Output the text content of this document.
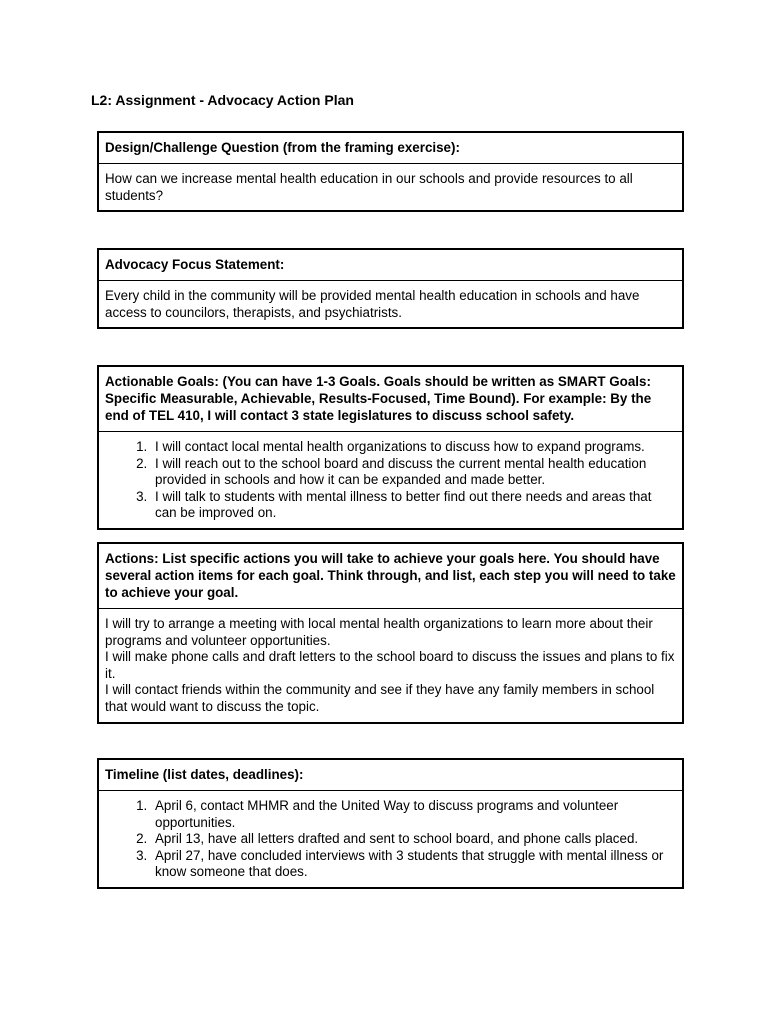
L2: Assignment - Advocacy Action Plan
Design/Challenge Question (from the framing exercise):

How can we increase mental health education in our schools and provide resources to all students?

Advocacy Focus Statement:

Every child in the community will be provided mental health education in schools and have access to councilors, therapists, and psychiatrists.

Actionable Goals: (You can have 1-3 Goals. Goals should be written as SMART Goals: Specific Measurable, Achievable, Results-Focused, Time Bound). For example: By the end of TEL 410, I will contact 3 state legislatures to discuss school safety.
1. I will contact local mental health organizations to discuss how to expand programs.
2. I will reach out to the school board and discuss the current mental health education provided in schools and how it can be expanded and made better.
3. I will talk to students with mental illness to better find out there needs and areas that can be improved on.
Actions: List specific actions you will take to achieve your goals here. You should have several action items for each goal. Think through, and list, each step you will need to take to achieve your goal.

I will try to arrange a meeting with local mental health organizations to learn more about their programs and volunteer opportunities.

I will make phone calls and draft letters to the school board to discuss the issues and plans to fix it.

I will contact friends within the community and see if they have any family members in school that would want to discuss the topic.

Timeline (list dates, deadlines):
1. April 6, contact MHMR and the United Way to discuss programs and volunteer opportunities.
2. April 13, have all letters drafted and sent to school board, and phone calls placed.
3. April 27, have concluded interviews with 3 students that struggle with mental illness or know someone that does.
